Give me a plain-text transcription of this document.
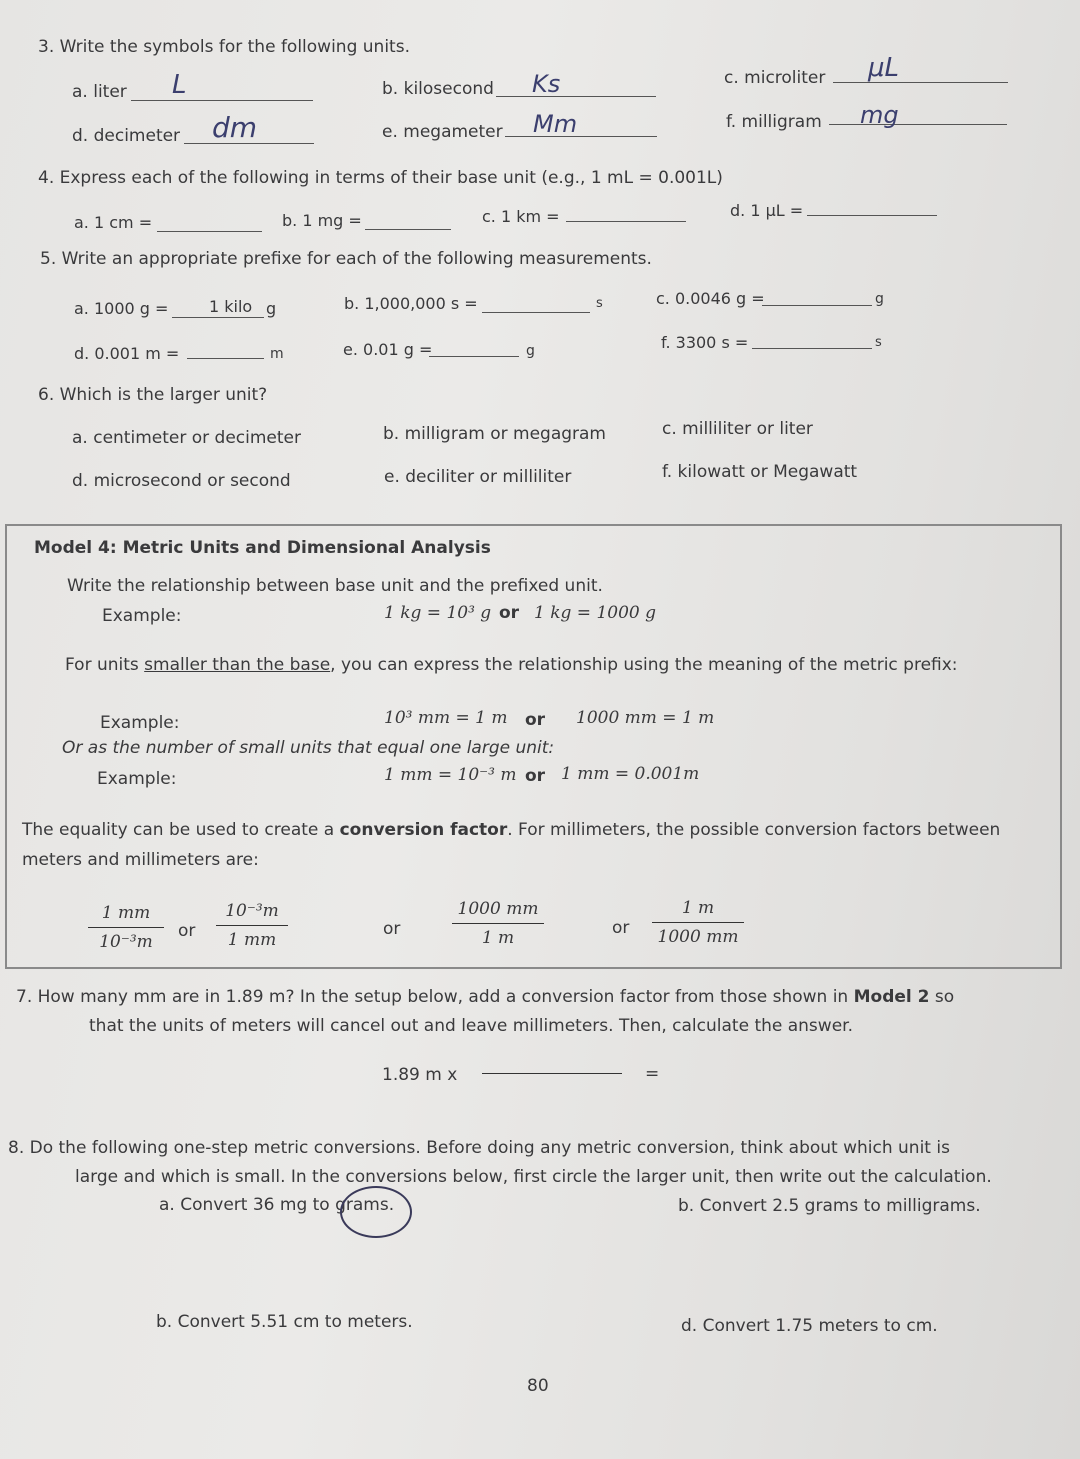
3. Write the symbols for the following units.
a. liter L	b. kilosecond Ks	c. microliter μL
d. decimeter dm	e. megameter Mm	f. milligram mg
4. Express each of the following in terms of their base unit (e.g., 1 mL = 0.001L)
a. 1 cm =	b. 1 mg =	c. 1 km =	d. 1 μL =
5. Write an appropriate prefixe for each of the following measurements.
a. 1000 g =	1 kilo g	b. 1,000,000 s =	s	c. 0.0046 g =	g
d. 0.001 m =	m	e. 0.01 g =	g	f. 3300 s =	s
6. Which is the larger unit?
a. centimeter or decimeter	b. milligram or megagram	c. milliliter or liter
d. microsecond or second	e. deciliter or milliliter	f. kilowatt or Megawatt
Model 4: Metric Units and Dimensional Analysis
Write the relationship between base unit and the prefixed unit.
Example:	1 kg = 10³ g or 1 kg = 1000 g
For units smaller than the base, you can express the relationship using the meaning of the metric prefix:
Example:	10³ mm = 1 m or 1000 mm = 1 m
Or as the number of small units that equal one large unit:
Example:	1 mm = 10⁻³ m or 1 mm = 0.001m
The equality can be used to create a conversion factor. For millimeters, the possible conversion factors between
meters and millimeters are:
1 mm
10⁻³m
or
10⁻³m
1 mm
or
1000 mm
1 m	or
1 m
1000 mm
7. How many mm are in 1.89 m? In the setup below, add a conversion factor from those shown in Model 2 so
that the units of meters will cancel out and leave millimeters. Then, calculate the answer.
1.89 m x	=
8. Do the following one-step metric conversions. Before doing any metric conversion, think about which unit is
large and which is small. In the conversions below, first circle the larger unit, then write out the calculation.
a. Convert 36 mg to grams.	b. Convert 2.5 grams to milligrams.
b. Convert 5.51 cm to meters.	d. Convert 1.75 meters to cm.
80
